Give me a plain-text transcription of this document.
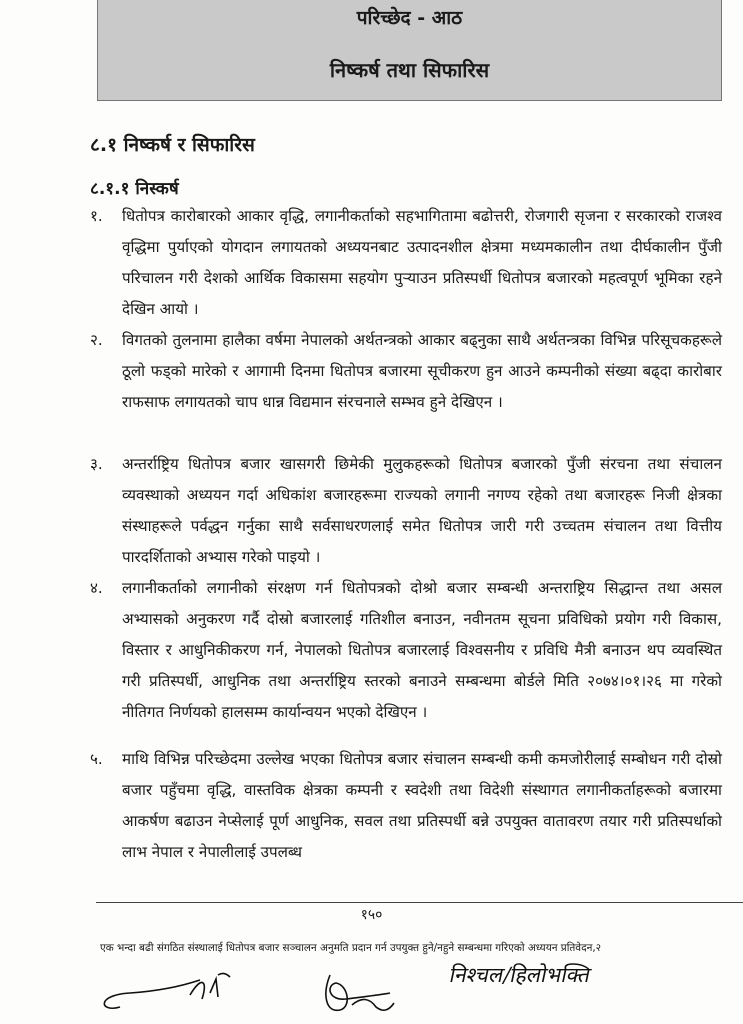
परिच्छेद - आठ
निष्कर्ष तथा सिफारिस
८.१ निष्कर्ष र सिफारिस
८.१.१ निस्कर्ष
१.	धितोपत्र कारोबारको आकार वृद्धि, लगानीकर्ताको सहभागितामा बढोत्तरी, रोजगारी सृजना र सरकारको राजश्व वृद्धिमा पुर्याएको योगदान लगायतको अध्ययनबाट उत्पादनशील क्षेत्रमा मध्यमकालीन तथा दीर्घकालीन पुँजी परिचालन गरी देशको आर्थिक विकासमा सहयोग पुऱ्याउन प्रतिस्पर्धी धितोपत्र बजारको महत्वपूर्ण भूमिका रहने देखिन आयो ।
२.	विगतको तुलनामा हालैका वर्षमा नेपालको अर्थतन्त्रको आकार बढ्नुका साथै अर्थतन्त्रका विभिन्न परिसूचकहरूले ठूलो फड्को मारेको र आगामी दिनमा धितोपत्र बजारमा सूचीकरण हुन आउने कम्पनीको संख्या बढ्दा कारोबार राफसाफ लगायतको चाप धान्न विद्यमान संरचनाले सम्भव हुने देखिएन ।
३.	अन्तर्राष्ट्रिय धितोपत्र बजार खासगरी छिमेकी मुलुकहरूको धितोपत्र बजारको पुँजी संरचना तथा संचालन व्यवस्थाको अध्ययन गर्दा अधिकांश बजारहरूमा राज्यको लगानी नगण्य रहेको तथा बजारहरू निजी क्षेत्रका संस्थाहरूले पर्वद्धन गर्नुका साथै सर्वसाधरणलाई समेत धितोपत्र जारी गरी उच्चतम संचालन तथा वित्तीय पारदर्शिताको अभ्यास गरेको पाइयो ।
४.	लगानीकर्ताको लगानीको संरक्षण गर्न धितोपत्रको दोश्रो बजार सम्बन्धी अन्तराष्ट्रिय सिद्धान्त तथा असल अभ्यासको अनुकरण गर्दै दोस्रो बजारलाई गतिशील बनाउन, नवीनतम सूचना प्रविधिको प्रयोग गरी विकास, विस्तार र आधुनिकीकरण गर्न, नेपालको धितोपत्र बजारलाई विश्वसनीय र प्रविधि मैत्री बनाउन थप व्यवस्थित गरी प्रतिस्पर्धी, आधुनिक तथा अन्तर्राष्ट्रिय स्तरको बनाउने सम्बन्धमा बोर्डले मिति २०७४।०१।२६ मा गरेको नीतिगत निर्णयको हालसम्म कार्यान्वयन भएको देखिएन ।
५.	माथि विभिन्न परिच्छेदमा उल्लेख भएका धितोपत्र बजार संचालन सम्बन्धी कमी कमजोरीलाई सम्बोधन गरी दोस्रो बजार पहुँचमा वृद्धि, वास्तविक क्षेत्रका कम्पनी र स्वदेशी तथा विदेशी संस्थागत लगानीकर्ताहरूको बजारमा आकर्षण बढाउन नेप्सेलाई पूर्ण आधुनिक, सवल तथा प्रतिस्पर्धी बन्ने उपयुक्त वातावरण तयार गरी प्रतिस्पर्धाको लाभ नेपाल र नेपालीलाई उपलब्ध
१५०
एक भन्दा बढी संगठित संस्थालाई धितोपत्र बजार सञ्चालन अनुमति प्रदान गर्न उपयुक्त हुने/नहुने सम्बन्धमा गरिएको अध्ययन प्रतिवेदन,२
निश्चल/हिलोभक्ति
